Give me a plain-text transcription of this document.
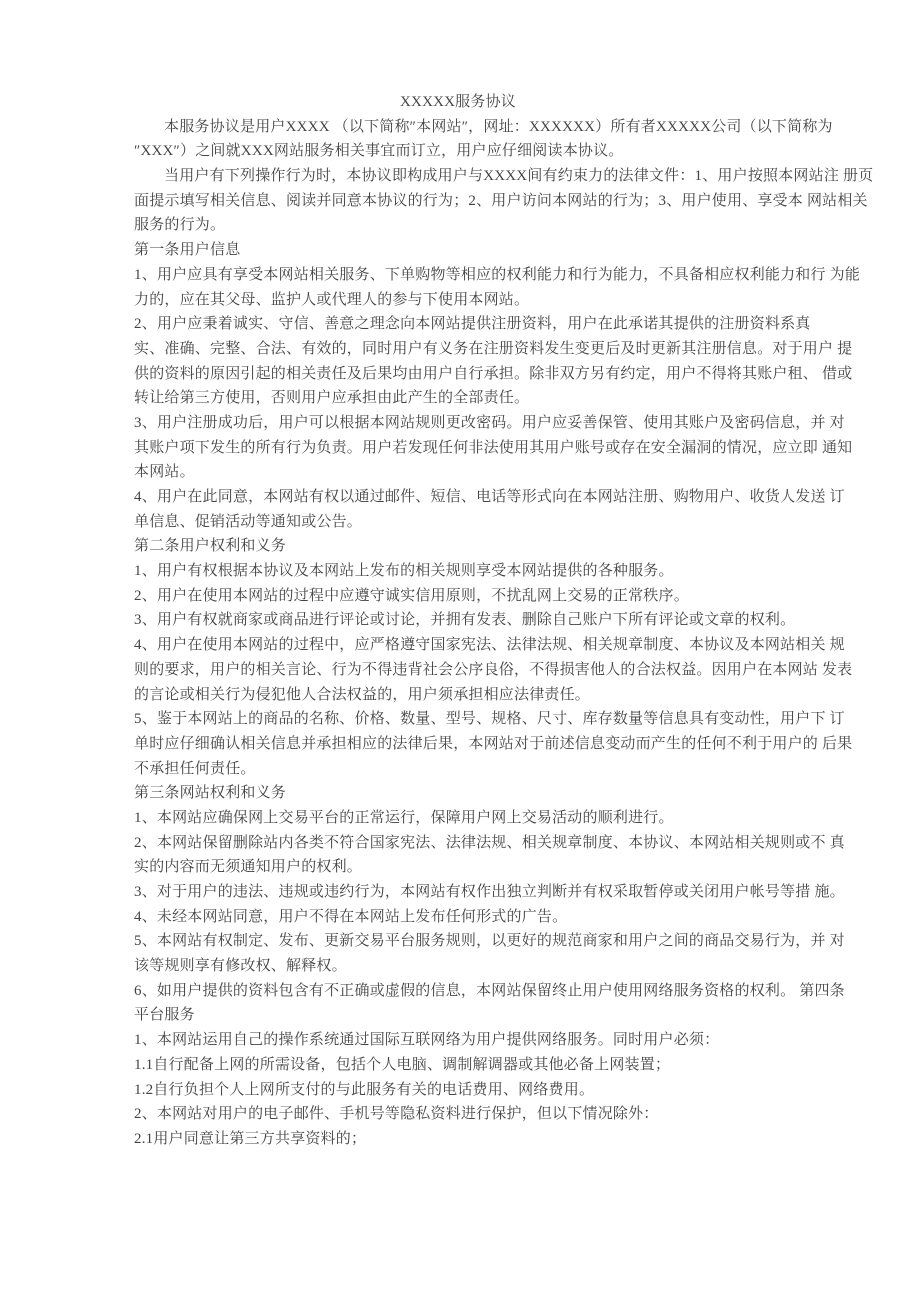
XXXXX服务协议
本服务协议是用户XXXX （以下简称″本网站″，网址：XXXXXX）所有者XXXXX公司（以下简称为
″XXX″）之间就XXX网站服务相关事宜而订立，用户应仔细阅读本协议。
当用户有下列操作行为时，本协议即构成用户与XXXX间有约束力的法律文件：1、用户按照本网站注 册页
面提示填写相关信息、阅读并同意本协议的行为；2、用户访问本网站的行为；3、用户使用、享受本 网站相关
服务的行为。
第一条用户信息
1、用户应具有享受本网站相关服务、下单购物等相应的权利能力和行为能力，不具备相应权利能力和行 为能
力的，应在其父母、监护人或代理人的参与下使用本网站。
2、用户应秉着诚实、守信、善意之理念向本网站提供注册资料，用户在此承诺其提供的注册资料系真
实、准确、完整、合法、有效的，同时用户有义务在注册资料发生变更后及时更新其注册信息。对于用户 提
供的资料的原因引起的相关责任及后果均由用户自行承担。除非双方另有约定，用户不得将其账户租、 借或
转让给第三方使用，否则用户应承担由此产生的全部责任。
3、用户注册成功后，用户可以根据本网站规则更改密码。用户应妥善保管、使用其账户及密码信息，并 对
其账户项下发生的所有行为负责。用户若发现任何非法使用其用户账号或存在安全漏洞的情况，应立即 通知
本网站。
4、用户在此同意，本网站有权以通过邮件、短信、电话等形式向在本网站注册、购物用户、收货人发送 订
单信息、促销活动等通知或公告。
第二条用户权利和义务
1、用户有权根据本协议及本网站上发布的相关规则享受本网站提供的各种服务。
2、用户在使用本网站的过程中应遵守诚实信用原则，不扰乱网上交易的正常秩序。
3、用户有权就商家或商品进行评论或讨论，并拥有发表、删除自己账户下所有评论或文章的权利。
4、用户在使用本网站的过程中，应严格遵守国家宪法、法律法规、相关规章制度、本协议及本网站相关 规
则的要求，用户的相关言论、行为不得违背社会公序良俗，不得损害他人的合法权益。因用户在本网站 发表
的言论或相关行为侵犯他人合法权益的，用户须承担相应法律责任。
5、鉴于本网站上的商品的名称、价格、数量、型号、规格、尺寸、库存数量等信息具有变动性，用户下 订
单时应仔细确认相关信息并承担相应的法律后果，本网站对于前述信息变动而产生的任何不利于用户的 后果
不承担任何责任。
第三条网站权利和义务
1、本网站应确保网上交易平台的正常运行，保障用户网上交易活动的顺利进行。
2、本网站保留删除站内各类不符合国家宪法、法律法规、相关规章制度、本协议、本网站相关规则或不 真
实的内容而无须通知用户的权利。
3、对于用户的违法、违规或违约行为，本网站有权作出独立判断并有权采取暂停或关闭用户帐号等措 施。
4、未经本网站同意，用户不得在本网站上发布任何形式的广告。
5、本网站有权制定、发布、更新交易平台服务规则，以更好的规范商家和用户之间的商品交易行为，并 对
该等规则享有修改权、解释权。
6、如用户提供的资料包含有不正确或虚假的信息，本网站保留终止用户使用网络服务资格的权利。 第四条
平台服务
1、本网站运用自己的操作系统通过国际互联网络为用户提供网络服务。同时用户必须：
1.1自行配备上网的所需设备，包括个人电脑、调制解调器或其他必备上网装置；
1.2自行负担个人上网所支付的与此服务有关的电话费用、网络费用。
2、本网站对用户的电子邮件、手机号等隐私资料进行保护，但以下情况除外：
2.1用户同意让第三方共享资料的；
